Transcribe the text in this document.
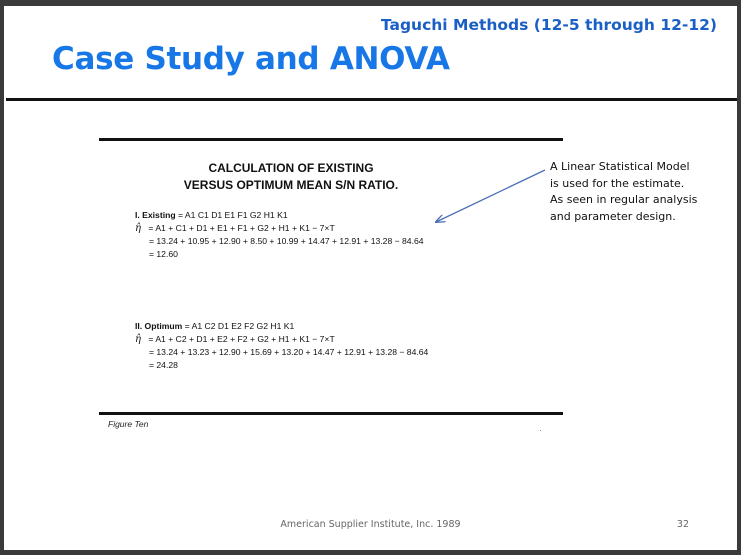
Taguchi Methods (12-5 through 12-12)
Case Study and ANOVA
CALCULATION OF EXISTING
VERSUS OPTIMUM MEAN S/N RATIO.
I. Existing = A1 C1 D1 E1 F1 G2 H1 K1
η̂ = A1 + C1 + D1 + E1 + F1 + G2 + H1 + K1 − 7×T
= 13.24 + 10.95 + 12.90 + 8.50 + 10.99 + 14.47 + 12.91 + 13.28 − 84.64
= 12.60
II. Optimum = A1 C2 D1 E2 F2 G2 H1 K1
η̂ = A1 + C2 + D1 + E2 + F2 + G2 + H1 + K1 − 7×T
= 13.24 + 13.23 + 12.90 + 15.69 + 13.20 + 14.47 + 12.91 + 13.28 − 84.64
= 24.28
Figure Ten
A Linear Statistical Model
is used for the estimate.
As seen in regular analysis
and parameter design.
American Supplier Institute, Inc. 1989	32
